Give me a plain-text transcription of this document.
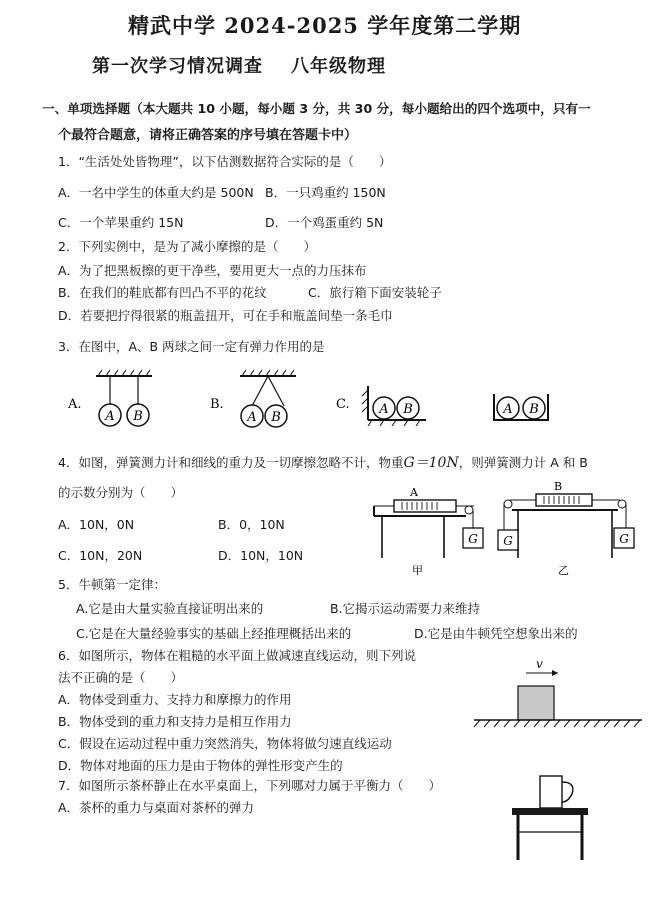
精武中学 2024-2025 学年度第二学期
第一次学习情况调查 八年级物理
一、单项选择题（本大题共 10 小题，每小题 3 分，共 30 分，每小题给出的四个选项中，只有一
个最符合题意，请将正确答案的序号填在答题卡中）
1．“生活处处皆物理”，以下估测数据符合实际的是（　　）
A．一名中学生的体重大约是 500N B．一只鸡重约 150N
C．一个苹果重约 15N	D．一个鸡蛋重约 5N
2．下列实例中，是为了减小摩擦的是（　　）
A．为了把黑板擦的更干净些，要用更大一点的力压抹布
B．在我们的鞋底都有凹凸不平的花纹	C．旅行箱下面安装轮子
D．若要把拧得很紧的瓶盖扭开，可在手和瓶盖间垫一条毛巾
3．在图中，A、B 两球之间一定有弹力作用的是
A.
A B
B.
A B
C. A B	A B
4．如图，弹簧测力计和细线的重力及一切摩擦忽略不计，物重G＝10N，则弹簧测力计 A 和 B
的示数分别为（　　）
A．10N，0N	B．0，10N
C．10N，20N	D．10N，10N
A
G
甲
B
G	G
乙
5．牛顿第一定律：
A.它是由大量实验直接证明出来的	B.它揭示运动需要力来维持
C.它是在大量经验事实的基础上经推理概括出来的	D.它是由牛顿凭空想象出来的
6．如图所示，物体在粗糙的水平面上做减速直线运动，则下列说
法不正确的是（　　）
A．物体受到重力、支持力和摩擦力的作用
B．物体受到的重力和支持力是相互作用力
C．假设在运动过程中重力突然消失，物体将做匀速直线运动
D．物体对地面的压力是由于物体的弹性形变产生的
v
7．如图所示茶杯静止在水平桌面上，下列哪对力属于平衡力（　　）
A．茶杯的重力与桌面对茶杯的弹力
